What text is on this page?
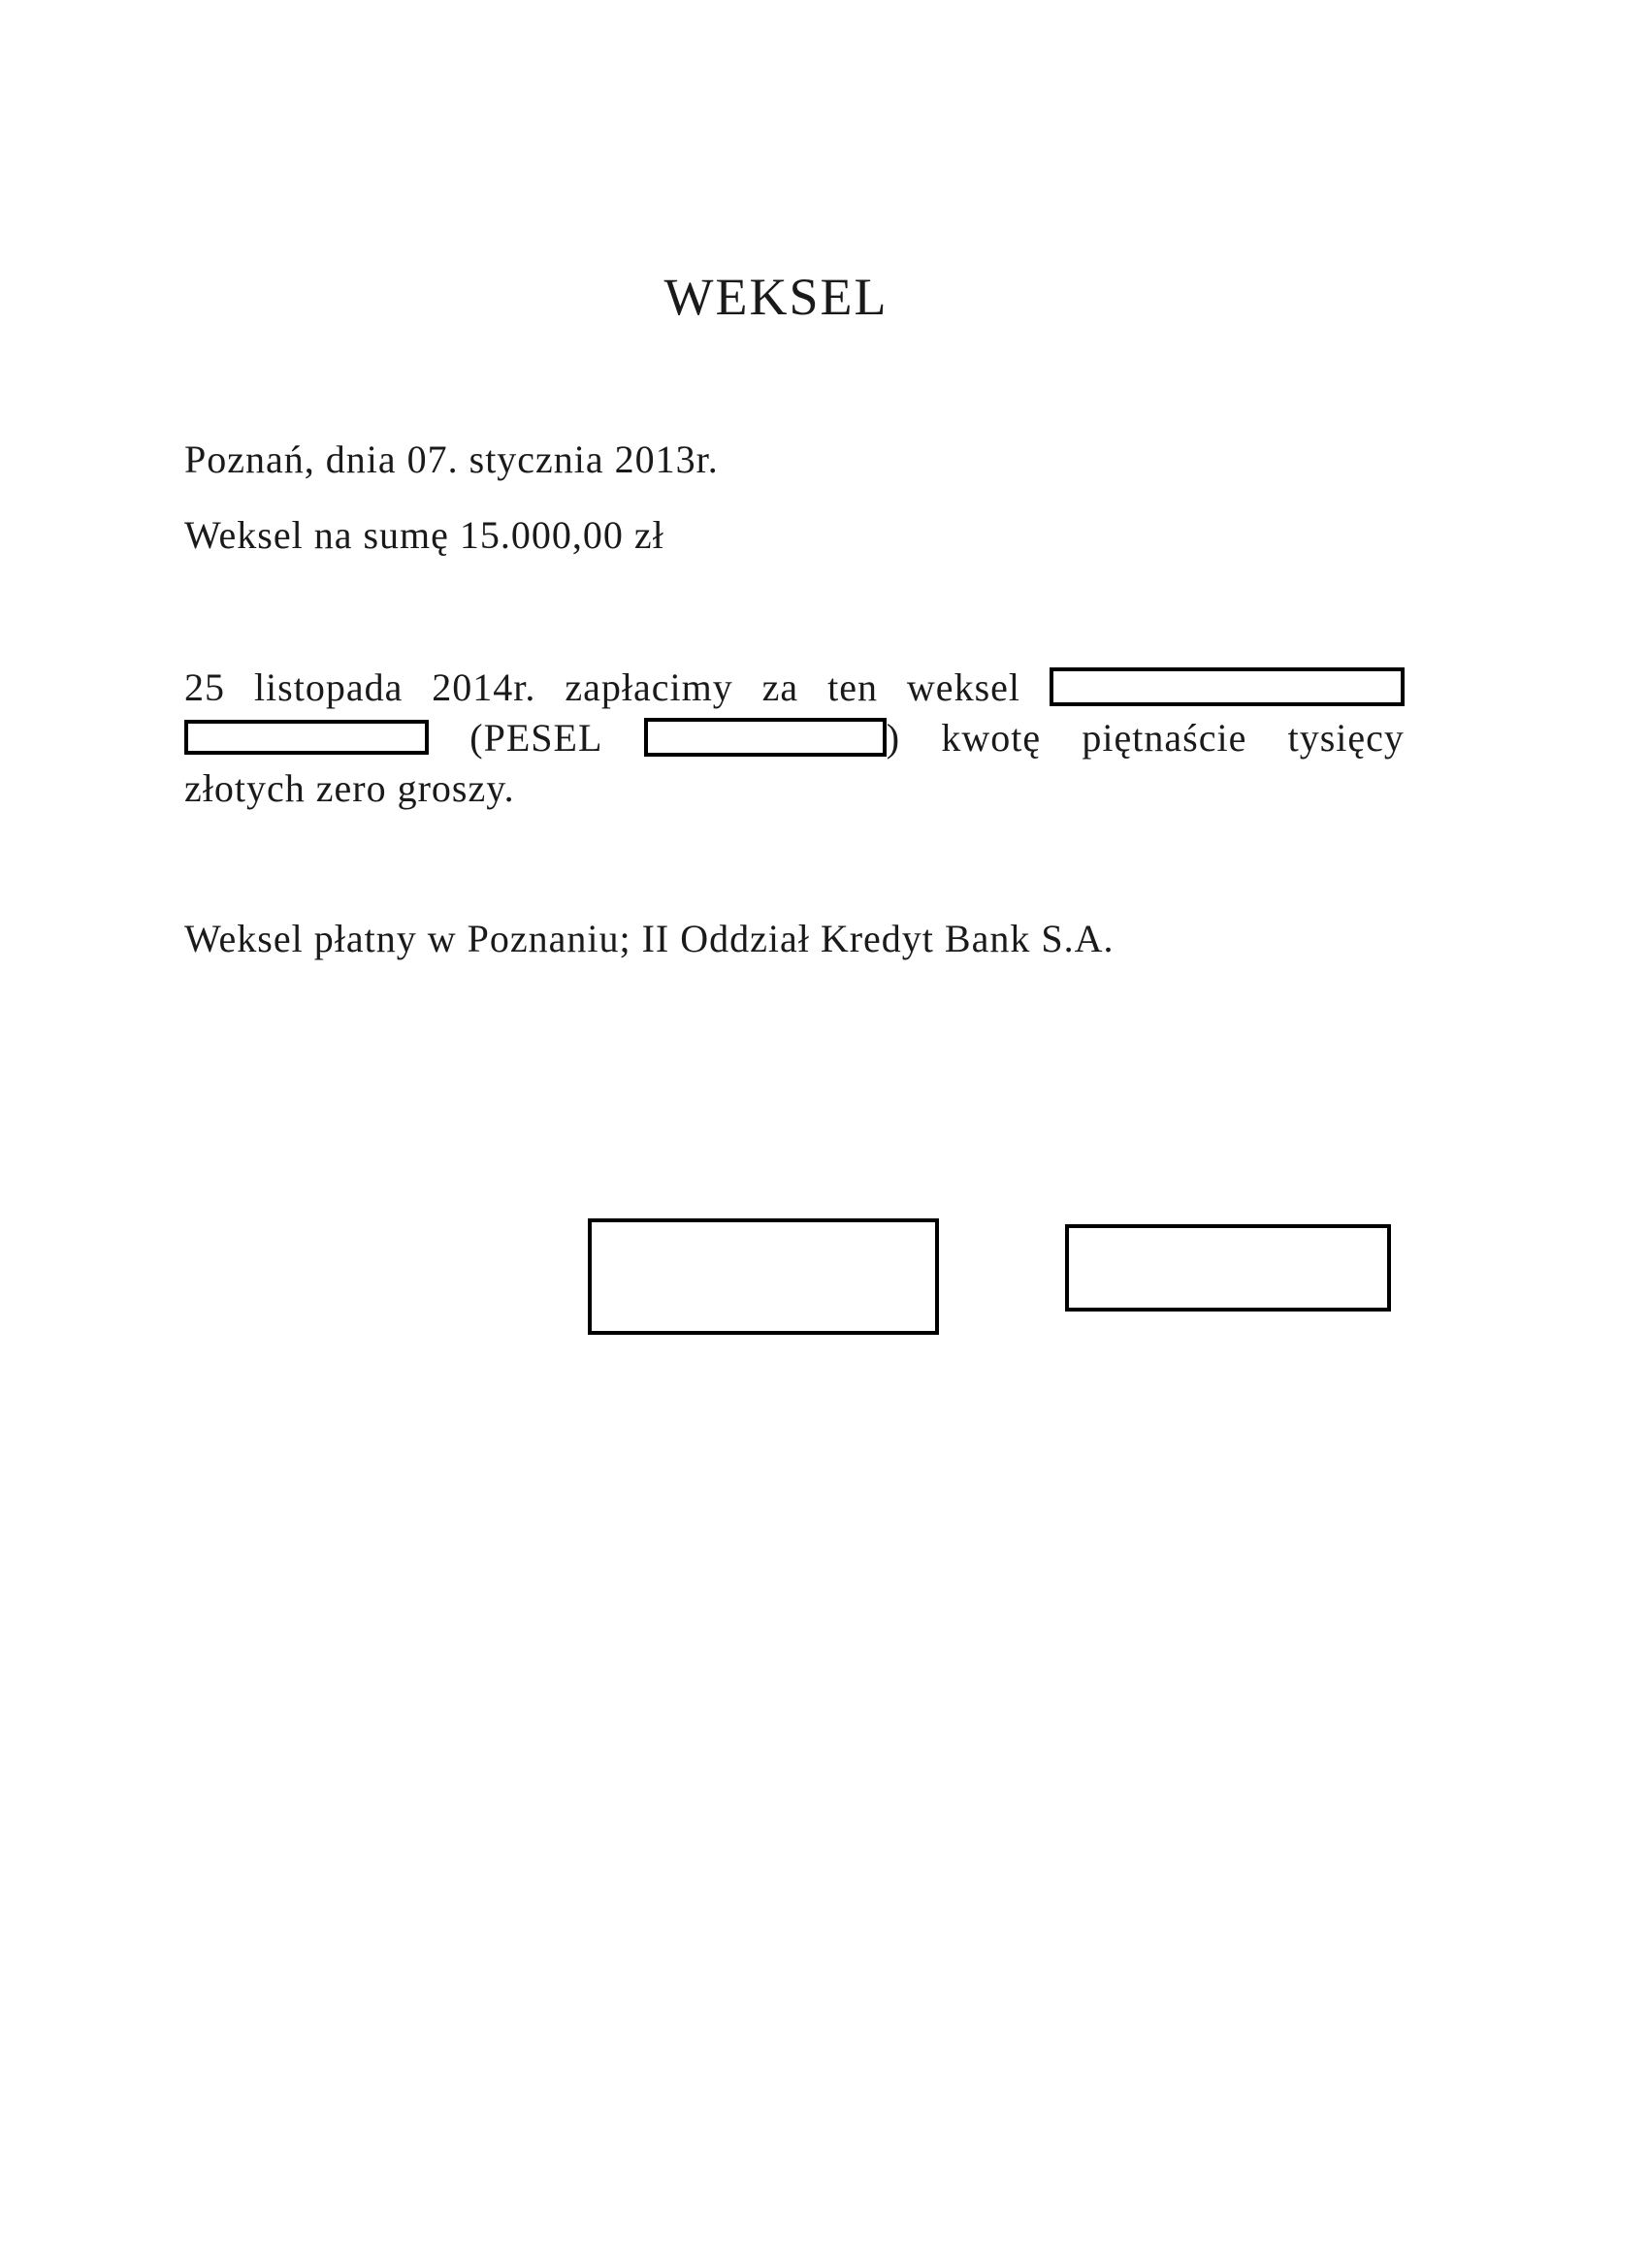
WEKSEL
Poznań, dnia 07. stycznia 2013r.
Weksel na sumę 15.000,00 zł
25 listopada 2014r. zapłacimy za ten weksel
(PESEL	) kwotę piętnaście tysięcy
złotych zero groszy.
Weksel płatny w Poznaniu; II Oddział Kredyt Bank S.A.
